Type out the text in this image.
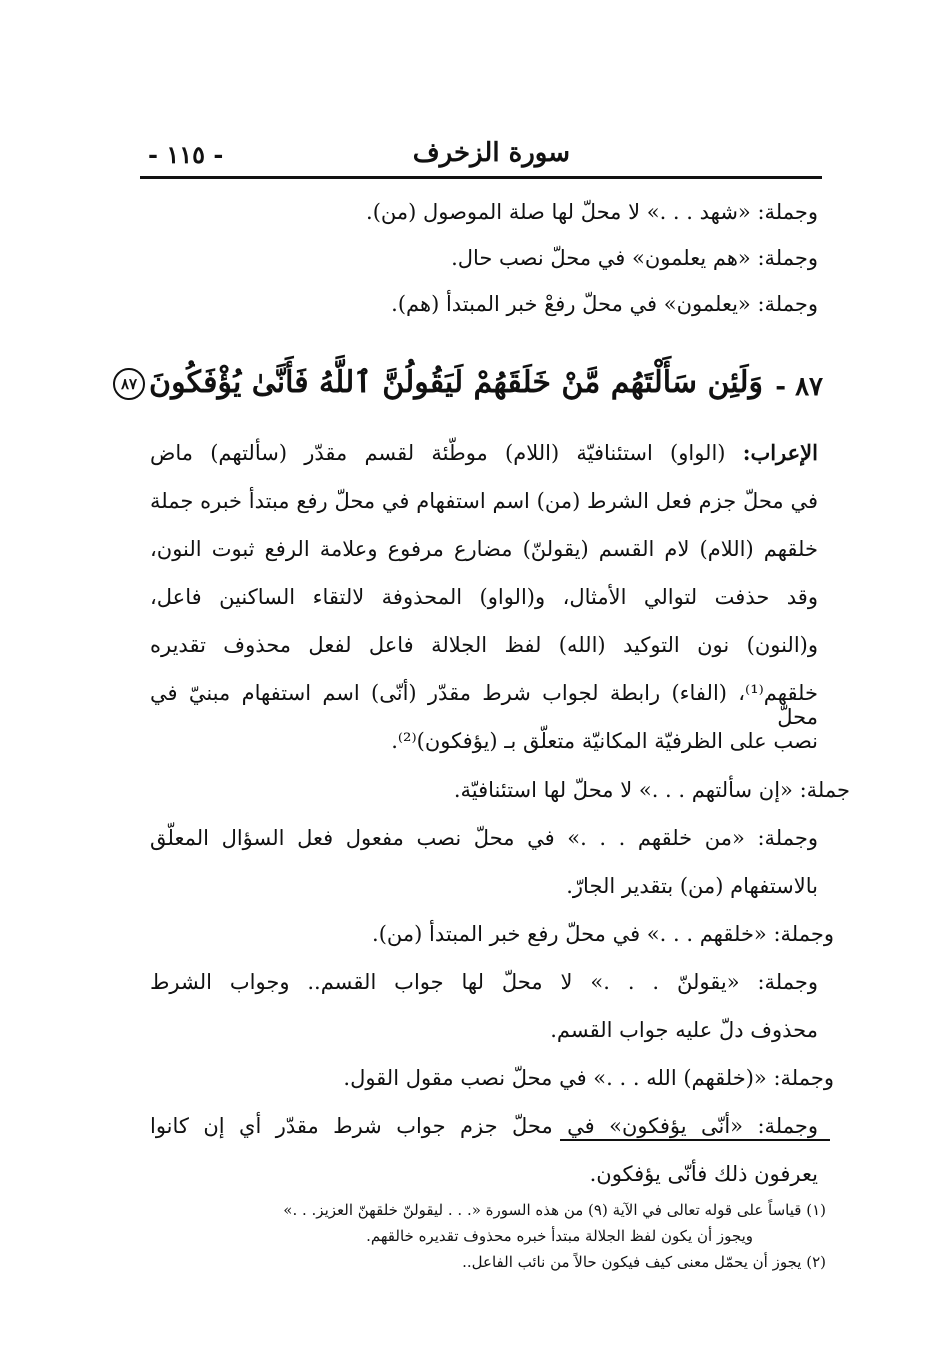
سورة الزخرف
- ١١٥ -
وجملة: «شهد . . .» لا محلّ لها صلة الموصول (من).
وجملة: «هم يعلمون» في محلّ نصب حال.
وجملة: «يعلمون» في محلّ رفعْ خبر المبتدأ (هم).
٨٧ -
وَلَئِن سَأَلْتَهُم مَّنْ خَلَقَهُمْ لَيَقُولُنَّ ٱللَّهُ فَأَنَّىٰ يُؤْفَكُونَ٨٧
الإعراب: (الواو) استئنافيّة (اللام) موطّئة لقسم مقدّر (سألتهم) ماض
في محلّ جزم فعل الشرط (من) اسم استفهام في محلّ رفع مبتدأ خبره جملة
خلقهم (اللام) لام القسم (يقولنّ) مضارع مرفوع وعلامة الرفع ثبوت النون،
وقد حذفت لتوالي الأمثال، و(الواو) المحذوفة لالتقاء الساكنين فاعل،
و(النون) نون التوكيد (الله) لفظ الجلالة فاعل لفعل محذوف تقديره
خلقهم⁽¹⁾، (الفاء) رابطة لجواب شرط مقدّر (أنّى) اسم استفهام مبنيّ في محلّ
نصب على الظرفيّة المكانيّة متعلّق بـ (يؤفكون)⁽²⁾.
جملة: «إن سألتهم . . .» لا محلّ لها استئنافيّة.
وجملة: «من خلقهم . . .» في محلّ نصب مفعول فعل السؤال المعلّق
بالاستفهام (من) بتقدير الجارّ.
وجملة: «خلقهم . . .» في محلّ رفع خبر المبتدأ (من).
وجملة: «يقولنّ . . .» لا محلّ لها جواب القسم.. وجواب الشرط
محذوف دلّ عليه جواب القسم.
وجملة: «(خلقهم) الله . . .» في محلّ نصب مقول القول.
وجملة: «أنّى يؤفكون» في محلّ جزم جواب شرط مقدّر أي إن كانوا
يعرفون ذلك فأنّى يؤفكون.
(١) قياساً على قوله تعالى في الآية (٩) من هذه السورة «. . . ليقولنّ خلقهنّ العزيز. . .»
ويجوز أن يكون لفظ الجلالة مبتدأ خبره محذوف تقديره خالقهم.
(٢) يجوز أن يحمّل معنى كيف فيكون حالاً من نائب الفاعل..
